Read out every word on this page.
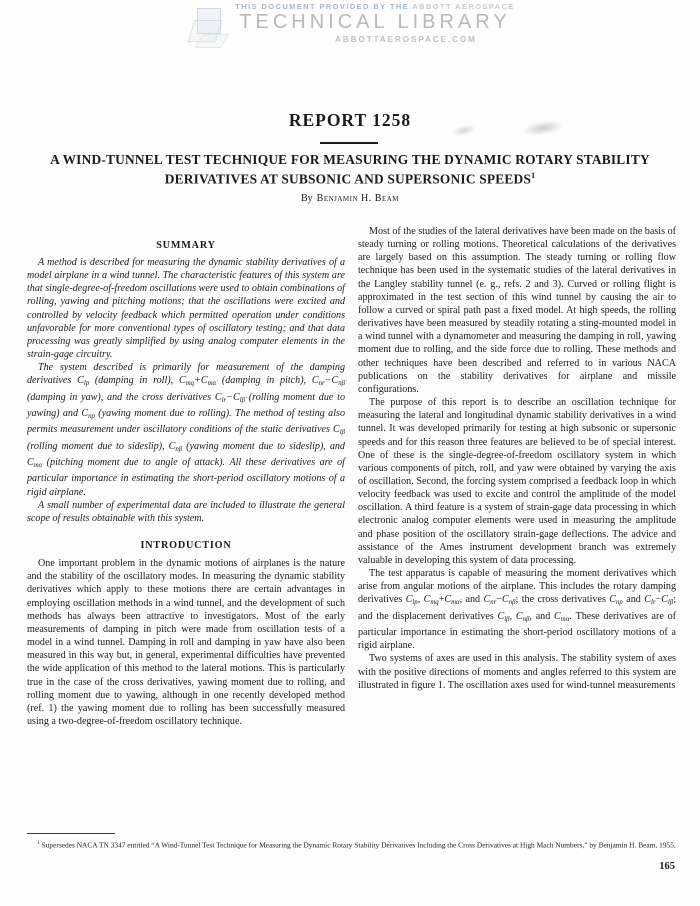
THIS DOCUMENT PROVIDED BY THE ABBOTT AEROSPACE
TECHNICAL LIBRARY
ABBOTTAEROSPACE.COM
REPORT 1258
A WIND-TUNNEL TEST TECHNIQUE FOR MEASURING THE DYNAMIC ROTARY STABILITY
DERIVATIVES AT SUBSONIC AND SUPERSONIC SPEEDS$^1$
By Benjamin H. Beam
SUMMARY

A method is described for measuring the dynamic stability derivatives of a model airplane in a wind tunnel. The characteristic features of this system are that single-degree-of-freedom oscillations were used to obtain combinations of rolling, yawing and pitching motions; that the oscillations were excited and controlled by velocity feedback which permitted operation under conditions unfavorable for more conventional types of oscillatory testing; and that data processing was greatly simplified by using analog computer elements in the strain-gage circuitry.

The system described is primarily for measurement of the damping derivatives $C_{lp}$ (damping in roll), $C_{mq}+C_{m\alphȧ}$ (damping in pitch), $C_{nr}-C_{n\betȧ}$ (damping in yaw), and the cross derivatives $C_{lr}-C_{l\betȧ}$ (rolling moment due to yawing) and $C_{np}$ (yawing moment due to rolling). The method of testing also permits measurement under oscillatory conditions of the static derivatives $C_{l\beta}$ (rolling moment due to sideslip), $C_{n\beta}$ (yawing moment due to sideslip), and $C_{m\alpha}$ (pitching moment due to angle of attack). All these derivatives are of particular importance in estimating the short-period oscillatory motions of a rigid airplane.

A small number of experimental data are included to illustrate the general scope of results obtainable with this system.

INTRODUCTION

One important problem in the dynamic motions of airplanes is the nature and the stability of the oscillatory modes. In measuring the dynamic stability derivatives which apply to these motions there are certain advantages in employing oscillation methods in a wind tunnel, and the development of such methods has always been attractive to investigators. Most of the early measurements of damping in pitch were made from oscillation tests of a model in a wind tunnel. Damping in roll and damping in yaw have also been measured in this way but, in general, experimental difficulties have prevented the wide application of this method to the lateral motions. This is particularly true in the case of the cross derivatives, yawing moment due to rolling, and rolling moment due to yawing, although in one recently developed method (ref. 1) the yawing moment due to rolling has been successfully measured using a two-degree-of-freedom oscillatory technique.

Most of the studies of the lateral derivatives have been made on the basis of steady turning or rolling motions. Theoretical calculations of the derivatives are largely based on this assumption. The steady turning or rolling flow technique has been used in the systematic studies of the lateral derivatives in the Langley stability tunnel (e. g., refs. 2 and 3). Curved or rolling flight is approximated in the test section of this wind tunnel by causing the air to follow a curved or spiral path past a fixed model. At high speeds, the rolling derivatives have been measured by steadily rotating a sting-mounted model in a wind tunnel with a dynamometer and measuring the damping in roll, yawing moment due to rolling, and the side force due to rolling. These methods and other techniques have been described and referred to in various NACA publications on the stability derivatives for airplane and missile configurations.

The purpose of this report is to describe an oscillation technique for measuring the lateral and longitudinal dynamic stability derivatives in a wind tunnel. It was developed primarily for testing at high subsonic or supersonic speeds and for this reason three features are believed to be of special interest. One of these is the single-degree-of-freedom oscillatory system in which various components of pitch, roll, and yaw were obtained by varying the axis of oscillation. Second, the forcing system comprised a feedback loop in which velocity feedback was used to excite and control the amplitude of the model oscillation. A third feature is a system of strain-gage data processing in which electronic analog computer elements were used in measuring the amplitude and phase position of the oscillatory strain-gage deflections. The advice and assistance of the Ames instrument development branch was extremely valuable in developing this system of data processing.

The test apparatus is capable of measuring the moment derivatives which arise from angular motions of the airplane. This includes the rotary damping derivatives $C_{lp}$, $C_{mq}+C_{m\alphȧ}$, and $C_{nr}-C_{n\betȧ}$; the cross derivatives $C_{np}$ and $C_{lr}-C_{l\betȧ}$; and the displacement derivatives $C_{l\beta}$, $C_{n\beta}$, and $C_{m\alpha}$. These derivatives are of particular importance in estimating the short-period oscillatory motions of a rigid airplane.

Two systems of axes are used in this analysis. The stability system of axes with the positive directions of moments and angles referred to this system are illustrated in figure 1. The oscillation axes used for wind-tunnel measurements

$^1$ Supersedes NACA TN 3347 entitled “A Wind-Tunnel Test Technique for Measuring the Dynamic Rotary Stability Derivatives Including the Cross Derivatives at High Mach Numbers,” by Benjamin H. Beam, 1955.
165
